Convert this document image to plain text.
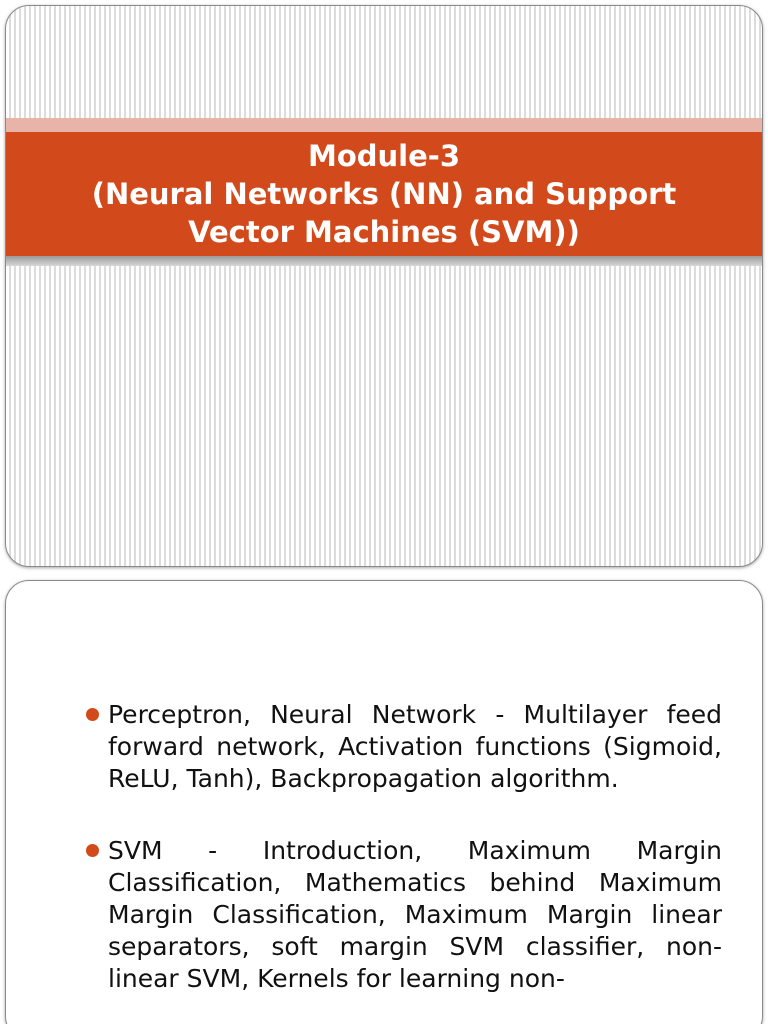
Module-3
(Neural Networks (NN) and Support
Vector Machines (SVM))
Perceptron, Neural Network - Multilayer feed forward network, Activation functions (Sigmoid, ReLU, Tanh), Backpropagation algorithm.
SVM - Introduction, Maximum Margin Classification, Mathematics behind Maximum Margin Classification, Maximum Margin linear separators, soft margin SVM classifier, non-linear SVM, Kernels for learning non-
